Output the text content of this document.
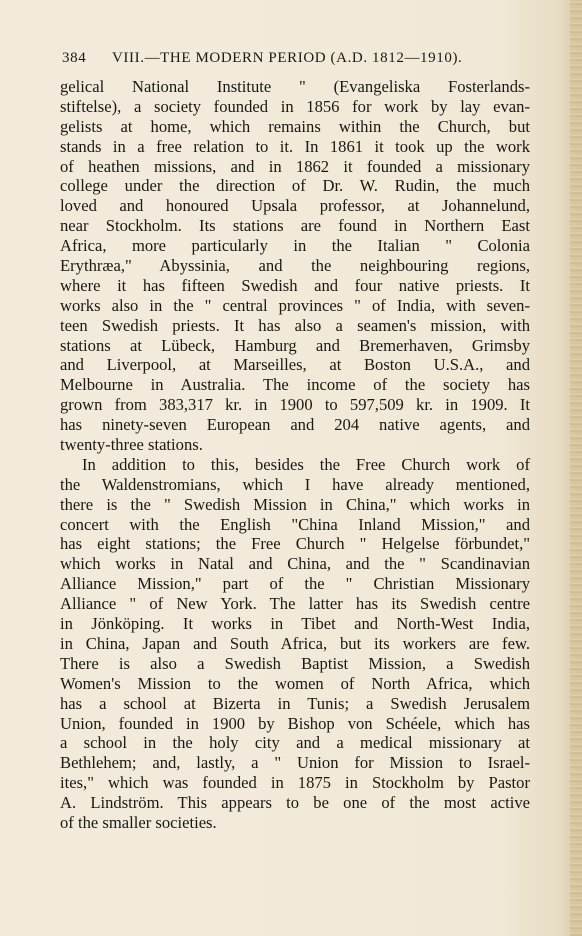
384 VIII.—THE MODERN PERIOD (A.D. 1812—1910).
gelical National Institute " (Evangeliska Fosterlands-
stiftelse), a society founded in 1856 for work by lay evan-
gelists at home, which remains within the Church, but
stands in a free relation to it. In 1861 it took up the work
of heathen missions, and in 1862 it founded a missionary
college under the direction of Dr. W. Rudin, the much
loved and honoured Upsala professor, at Johannelund,
near Stockholm. Its stations are found in Northern East
Africa, more particularly in the Italian " Colonia
Erythræa," Abyssinia, and the neighbouring regions,
where it has fifteen Swedish and four native priests. It
works also in the " central provinces " of India, with seven-
teen Swedish priests. It has also a seamen's mission, with
stations at Lübeck, Hamburg and Bremerhaven, Grimsby
and Liverpool, at Marseilles, at Boston U.S.A., and
Melbourne in Australia. The income of the society has
grown from 383,317 kr. in 1900 to 597,509 kr. in 1909. It
has ninety-seven European and 204 native agents, and
twenty-three stations.
In addition to this, besides the Free Church work of
the Waldenstromians, which I have already mentioned,
there is the " Swedish Mission in China," which works in
concert with the English "China Inland Mission," and
has eight stations; the Free Church " Helgelse förbundet,"
which works in Natal and China, and the " Scandinavian
Alliance Mission," part of the " Christian Missionary
Alliance " of New York. The latter has its Swedish centre
in Jönköping. It works in Tibet and North-West India,
in China, Japan and South Africa, but its workers are few.
There is also a Swedish Baptist Mission, a Swedish
Women's Mission to the women of North Africa, which
has a school at Bizerta in Tunis; a Swedish Jerusalem
Union, founded in 1900 by Bishop von Schéele, which has
a school in the holy city and a medical missionary at
Bethlehem; and, lastly, a " Union for Mission to Israel-
ites," which was founded in 1875 in Stockholm by Pastor
A. Lindström. This appears to be one of the most active
of the smaller societies.
